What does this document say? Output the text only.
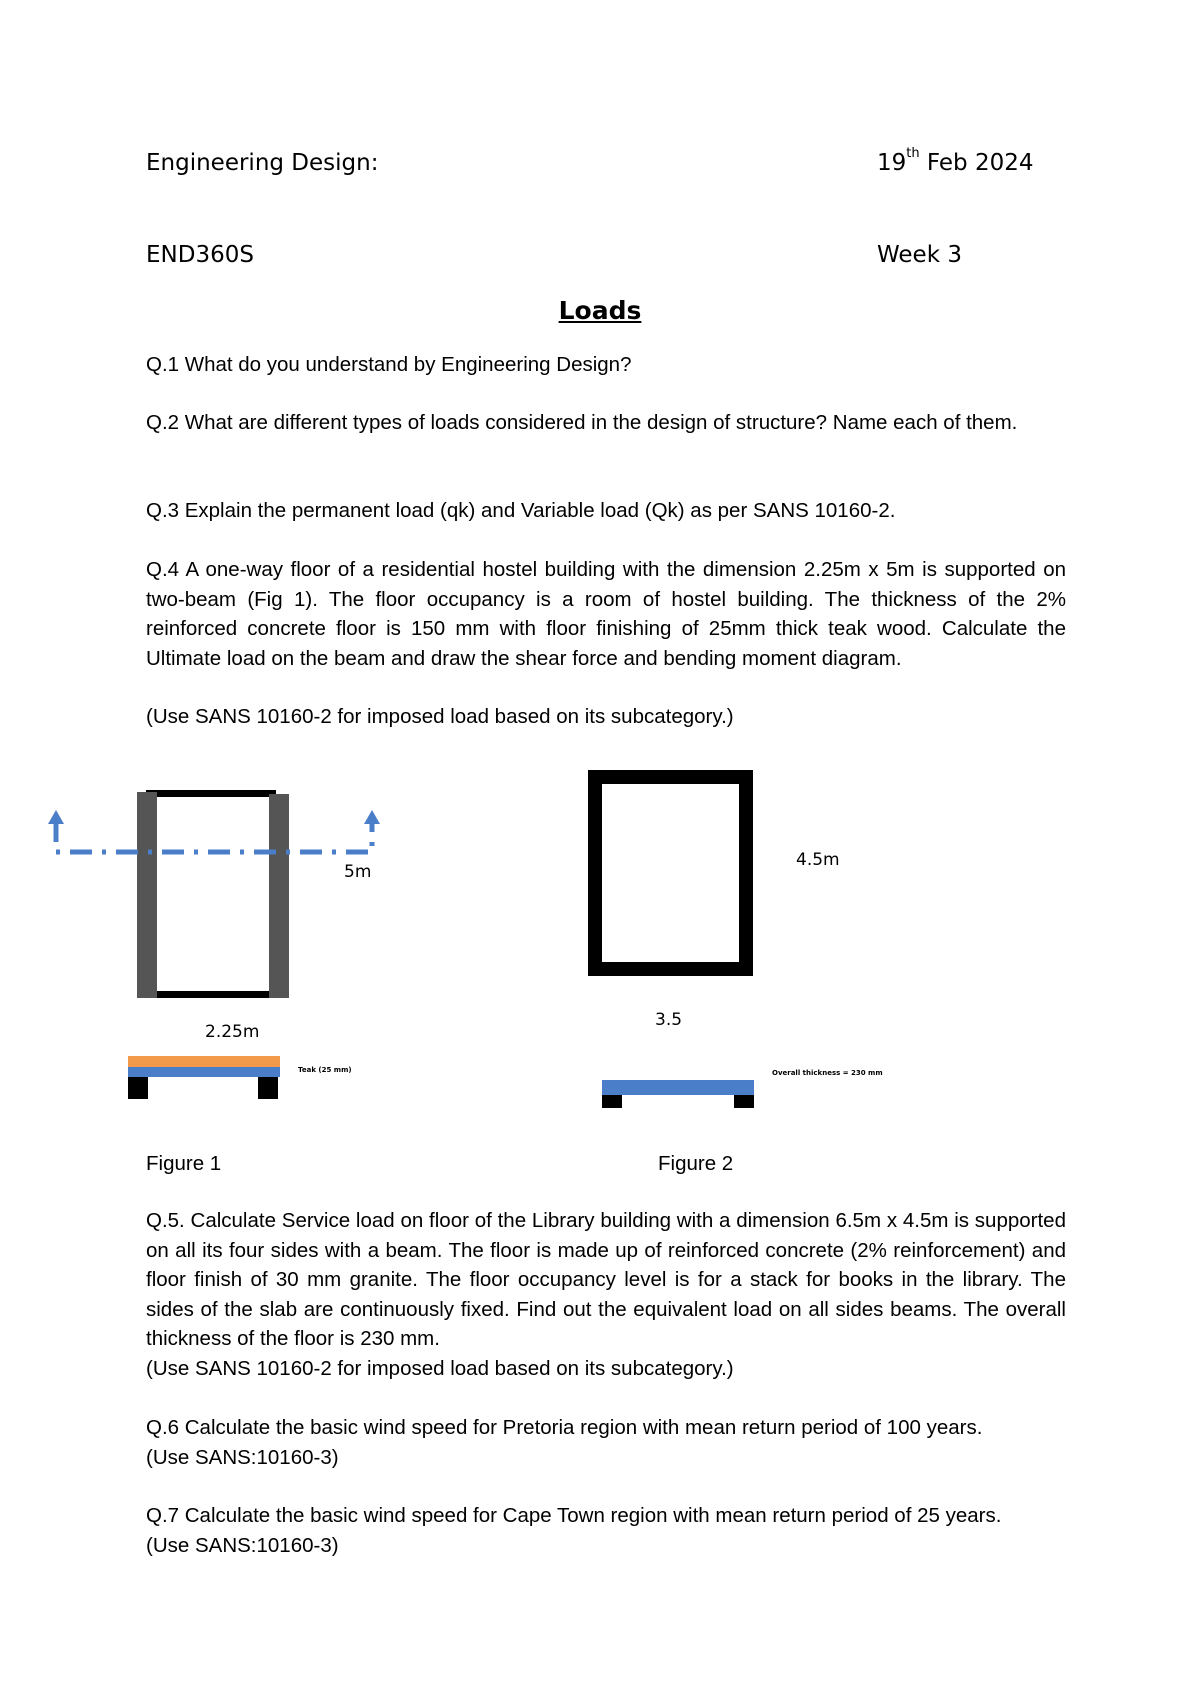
Engineering Design:	19th Feb 2024
END360S	Week 3
Loads

Q.1 What do you understand by Engineering Design?

Q.2 What are different types of loads considered in the design of structure? Name each of them.

Q.3 Explain the permanent load (qk) and Variable load (Qk) as per SANS 10160-2.

Q.4 A one-way floor of a residential hostel building with the dimension 2.25m x 5m is supported on two-beam (Fig 1). The floor occupancy is a room of hostel building. The thickness of the 2% reinforced concrete floor is 150 mm with floor finishing of 25mm thick teak wood. Calculate the Ultimate load on the beam and draw the shear force and bending moment diagram.

(Use SANS 10160-2 for imposed load based on its subcategory.)

5m
2.25m
Teak (25 mm)
Figure 1
4.5m
3.5
Overall thickness = 230 mm
Figure 2

Q.5. Calculate Service load on floor of the Library building with a dimension 6.5m x 4.5m is supported on all its four sides with a beam. The floor is made up of reinforced concrete (2% reinforcement) and floor finish of 30 mm granite. The floor occupancy level is for a stack for books in the library. The sides of the slab are continuously fixed. Find out the equivalent load on all sides beams. The overall thickness of the floor is 230 mm.

(Use SANS 10160-2 for imposed load based on its subcategory.)

Q.6 Calculate the basic wind speed for Pretoria region with mean return period of 100 years. (Use SANS:10160-3)

Q.7 Calculate the basic wind speed for Cape Town region with mean return period of 25 years. (Use SANS:10160-3)
